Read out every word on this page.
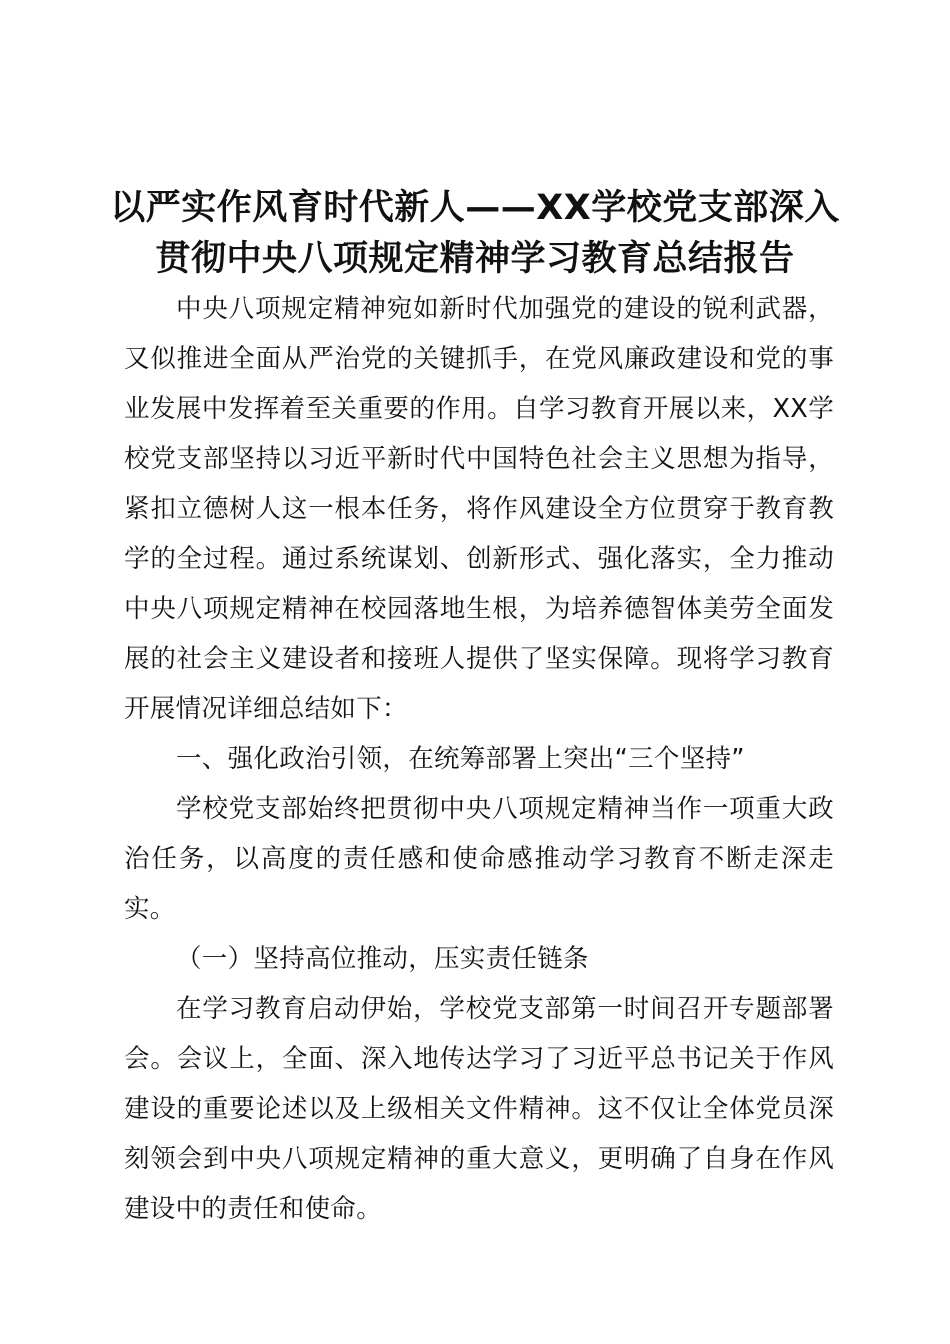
以严实作风育时代新人——XX学校党支部深入贯彻中央八项规定精神学习教育总结报告

中央八项规定精神宛如新时代加强党的建设的锐利武器，又似推进全面从严治党的关键抓手，在党风廉政建设和党的事业发展中发挥着至关重要的作用。自学习教育开展以来，XX学校党支部坚持以习近平新时代中国特色社会主义思想为指导，紧扣立德树人这一根本任务，将作风建设全方位贯穿于教育教学的全过程。通过系统谋划、创新形式、强化落实，全力推动中央八项规定精神在校园落地生根，为培养德智体美劳全面发展的社会主义建设者和接班人提供了坚实保障。现将学习教育开展情况详细总结如下：

一、强化政治引领，在统筹部署上突出“三个坚持”

学校党支部始终把贯彻中央八项规定精神当作一项重大政治任务，以高度的责任感和使命感推动学习教育不断走深走实。

（一）坚持高位推动，压实责任链条

在学习教育启动伊始，学校党支部第一时间召开专题部署会。会议上，全面、深入地传达学习了习近平总书记关于作风建设的重要论述以及上级相关文件精神。这不仅让全体党员深刻领会到中央八项规定精神的重大意义，更明确了自身在作风建设中的责任和使命。
